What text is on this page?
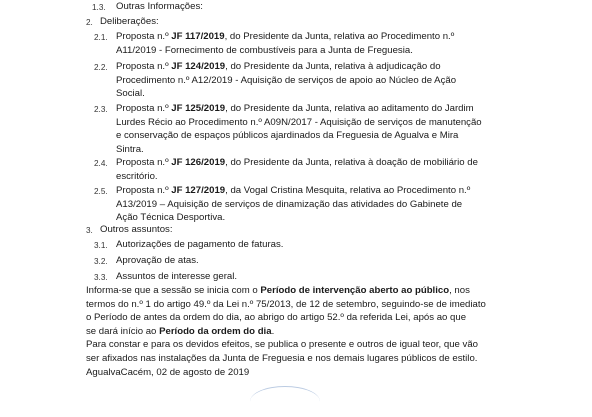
1.3. Outras Informações:
2. Deliberações:
2.1. Proposta n.º JF 117/2019, do Presidente da Junta, relativa ao Procedimento n.º
A11/2019 - Fornecimento de combustíveis para a Junta de Freguesia.
2.2. Proposta n.º JF 124/2019, do Presidente da Junta, relativa à adjudicação do
Procedimento n.º A12/2019 - Aquisição de serviços de apoio ao Núcleo de Ação
Social.
2.3. Proposta n.º JF 125/2019, do Presidente da Junta, relativa ao aditamento do Jardim
Lurdes Récio ao Procedimento n.º A09N/2017 - Aquisição de serviços de manutenção
e conservação de espaços públicos ajardinados da Freguesia de Agualva e Mira
Sintra.
2.4. Proposta n.º JF 126/2019, do Presidente da Junta, relativa à doação de mobiliário de
escritório.
2.5. Proposta n.º JF 127/2019, da Vogal Cristina Mesquita, relativa ao Procedimento n.º
A13/2019 – Aquisição de serviços de dinamização das atividades do Gabinete de
Ação Técnica Desportiva.
3. Outros assuntos:
3.1. Autorizações de pagamento de faturas.
3.2. Aprovação de atas.
3.3. Assuntos de interesse geral.
Informa-se que a sessão se inicia com o Período de intervenção aberto ao público, nos
termos do n.º 1 do artigo 49.º da Lei n.º 75/2013, de 12 de setembro, seguindo-se de imediato
o Período de antes da ordem do dia, ao abrigo do artigo 52.º da referida Lei, após ao que
se dará início ao Período da ordem do dia.
Para constar e para os devidos efeitos, se publica o presente e outros de igual teor, que vão
ser afixados nas instalações da Junta de Freguesia e nos demais lugares públicos de estilo.
AgualvaCacém, 02 de agosto de 2019
